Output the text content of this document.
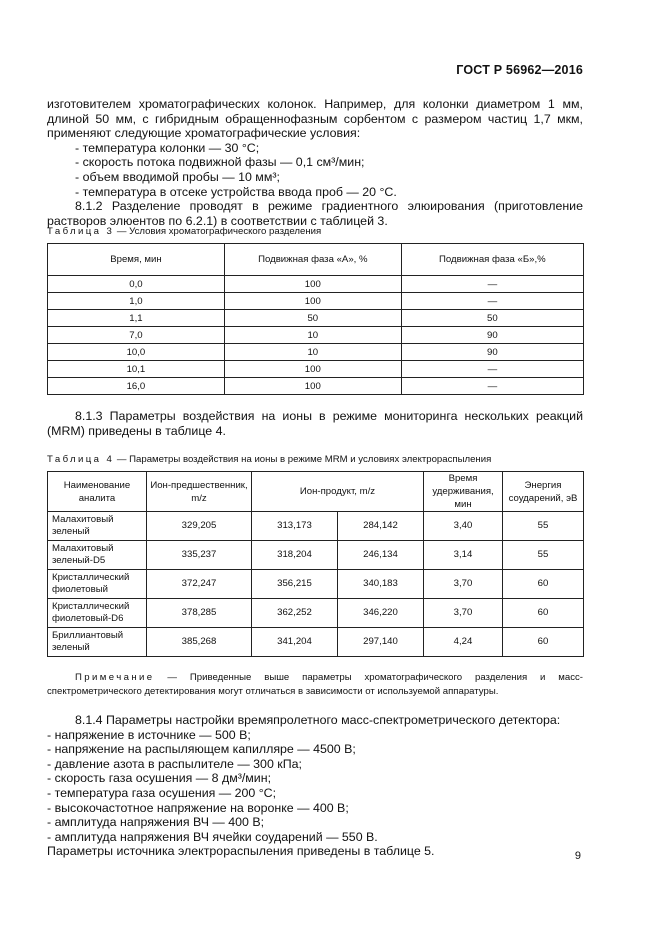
ГОСТ Р 56962—2016
изготовителем хроматографических колонок. Например, для колонки диаметром 1 мм, длиной 50 мм, с гибридным обращеннофазным сорбентом с размером частиц 1,7 мкм, применяют следующие хроматографические условия:
- температура колонки — 30 °C;
- скорость потока подвижной фазы — 0,1 см³/мин;
- объем вводимой пробы — 10 мм³;
- температура в отсеке устройства ввода проб — 20 °C.
8.1.2 Разделение проводят в режиме градиентного элюирования (приготовление растворов элюентов по 6.2.1) в соответствии с таблицей 3.
Таблица 3 — Условия хроматографического разделения
Время, мин	Подвижная фаза «А», %	Подвижная фаза «Б»,%
0,0	100	—
1,0	100	—
1,1	50	50
7,0	10	90
10,0	10	90
10,1	100	—
16,0	100	—
8.1.3 Параметры воздействия на ионы в режиме мониторинга нескольких реакций (MRM) приведены в таблице 4.
Таблица 4 — Параметры воздействия на ионы в режиме MRM и условиях электрораспыления
Наименование аналита	Ион-предшественник, m/z	Ион-продукт, m/z		Время удерживания, мин	Энергия соударений, эВ
Малахитовый зеленый	329,205	313,173	284,142	3,40	55
Малахитовый зеленый-D5	335,237	318,204	246,134	3,14	55
Кристаллический фиолетовый	372,247	356,215	340,183	3,70	60
Кристаллический фиолетовый-D6	378,285	362,252	346,220	3,70	60
Бриллиантовый зеленый	385,268	341,204	297,140	4,24	60
Примечание — Приведенные выше параметры хроматографического разделения и масс-спектрометрического детектирования могут отличаться в зависимости от используемой аппаратуры.
8.1.4 Параметры настройки времяпролетного масс-спектрометрического детектора:
- напряжение в источнике — 500 В;
- напряжение на распыляющем капилляре — 4500 В;
- давление азота в распылителе — 300 кПа;
- скорость газа осушения — 8 дм³/мин;
- температура газа осушения — 200 °C;
- высокочастотное напряжение на воронке — 400 В;
- амплитуда напряжения ВЧ — 400 В;
- амплитуда напряжения ВЧ ячейки соударений — 550 В.
Параметры источника электрораспыления приведены в таблице 5.	9
